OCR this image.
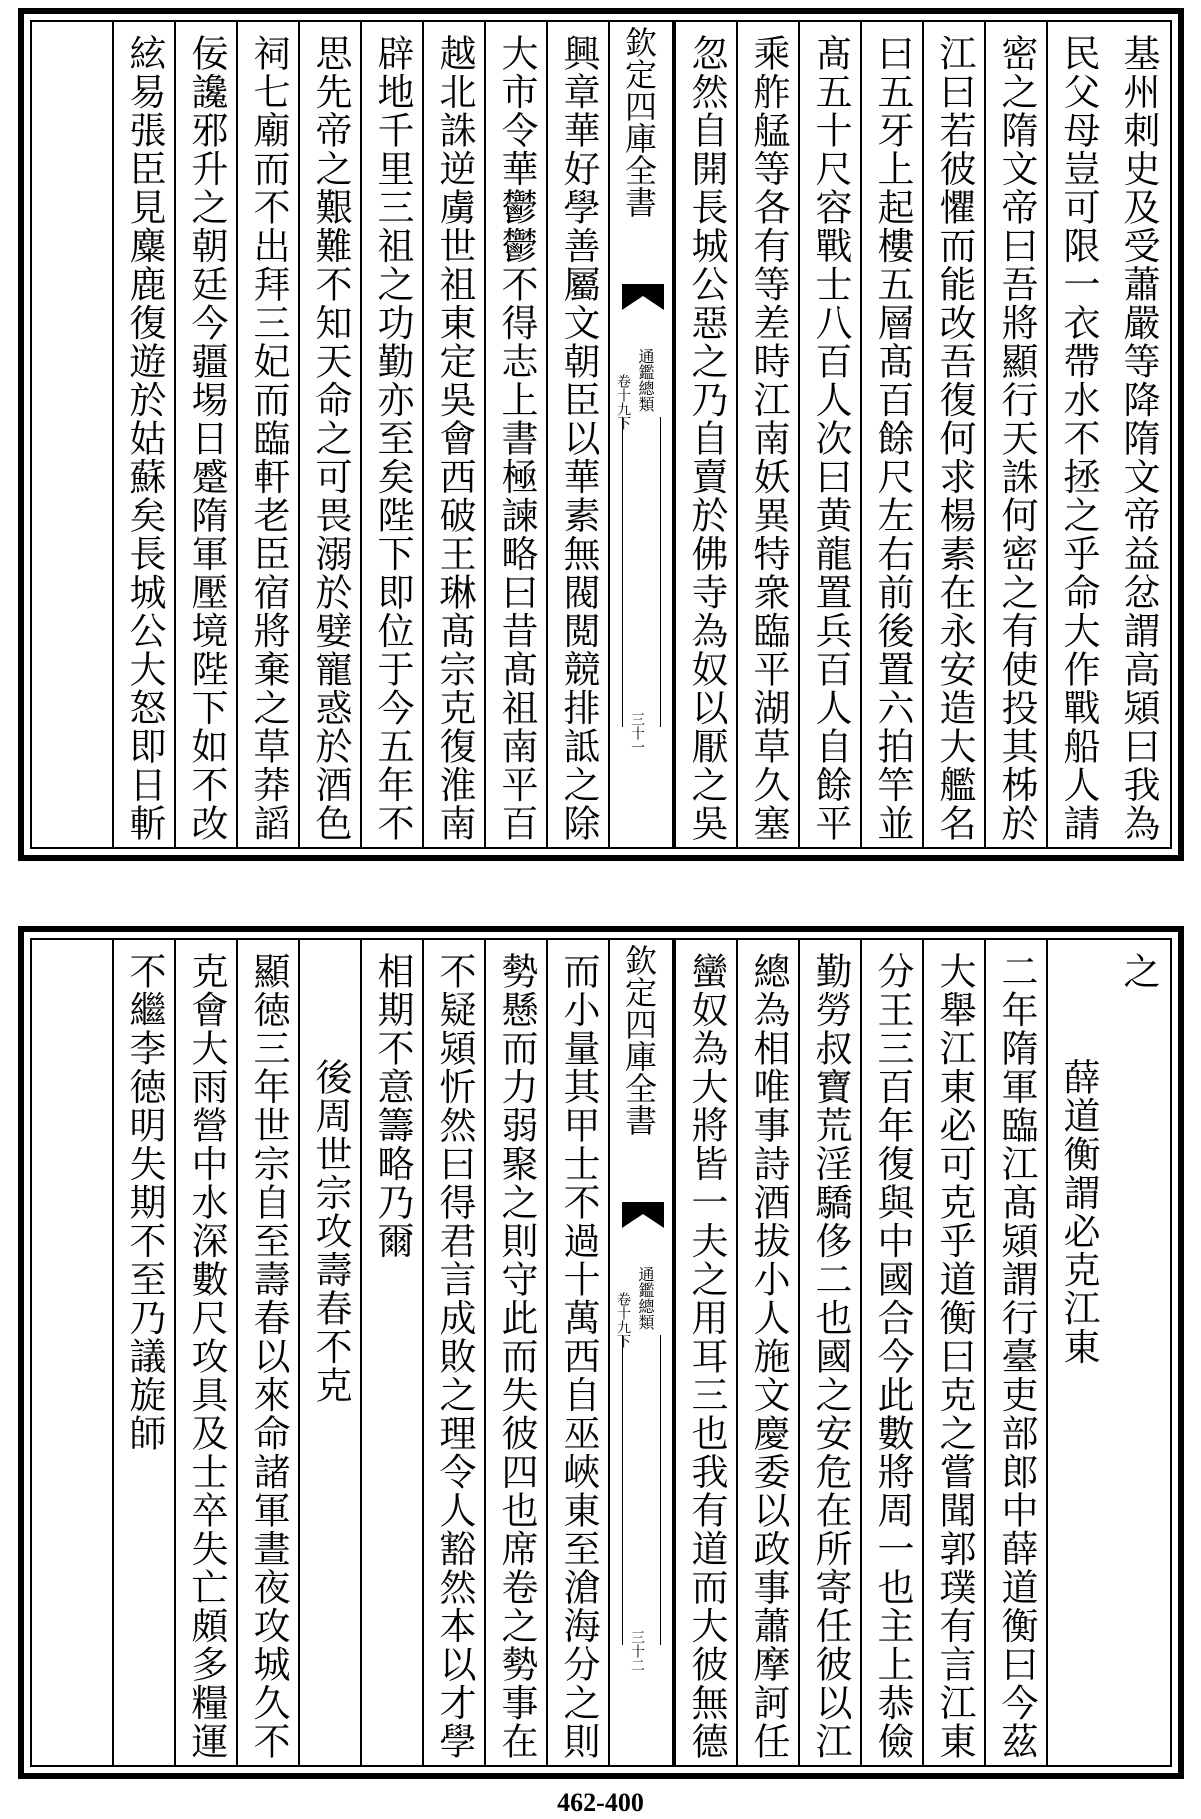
基州刺史及受蕭嚴等降隋文帝益忿謂高熲曰我為
民父母豈可限一衣帶水不拯之乎命大作戰船人請
密之隋文帝曰吾將顯行天誅何密之有使投其柹於
江曰若彼懼而能改吾復何求楊素在永安造大艦名
曰五牙上起樓五層髙百餘尺左右前後置六拍竿並
髙五十尺容戰士八百人次曰黄龍置兵百人自餘平
乘舴艋等各有等差時江南妖異特衆臨平湖草久塞
忽然自開長城公惡之乃自賣於佛寺為奴以厭之吳
欽定四庫全書
通鑑總類
卷十九下
三十一
興章華好學善屬文朝臣以華素無閥閲競排詆之除
大市令華鬱鬱不得志上書極諫略曰昔髙祖南平百
越北誅逆虜世祖東定吳會西破王琳髙宗克復淮南
辟地千里三祖之功勤亦至矣陛下即位于今五年不
思先帝之艱難不知天命之可畏溺於嬖寵惑於酒色
祠七廟而不出拜三妃而臨軒老臣宿將棄之草莽謟
佞讒邪升之朝廷今疆埸日蹙隋軍壓境陛下如不改
絃易張臣見麋鹿復遊於姑蘇矣長城公大怒即日斬
之
薛道衡謂必克江東
二年隋軍臨江髙熲謂行臺吏部郎中薛道衡曰今茲
大舉江東必可克乎道衡曰克之嘗聞郭璞有言江東
分王三百年復與中國合今此數將周一也主上恭儉
勤勞叔寶荒淫驕侈二也國之安危在所寄任彼以江
總為相唯事詩酒拔小人施文慶委以政事蕭摩訶任
蠻奴為大將皆一夫之用耳三也我有道而大彼無德
欽定四庫全書
通鑑總類
卷十九下
三十二
而小量其甲士不過十萬西自巫峽東至滄海分之則
勢懸而力弱聚之則守此而失彼四也席卷之勢事在
不疑熲忻然曰得君言成敗之理令人豁然本以才學
相期不意籌略乃爾
後周世宗攻壽春不克
顯徳三年世宗自至壽春以來命諸軍晝夜攻城久不
克會大雨營中水深數尺攻具及士卒失亡頗多糧運
不繼李徳明失期不至乃議旋師
462-400
